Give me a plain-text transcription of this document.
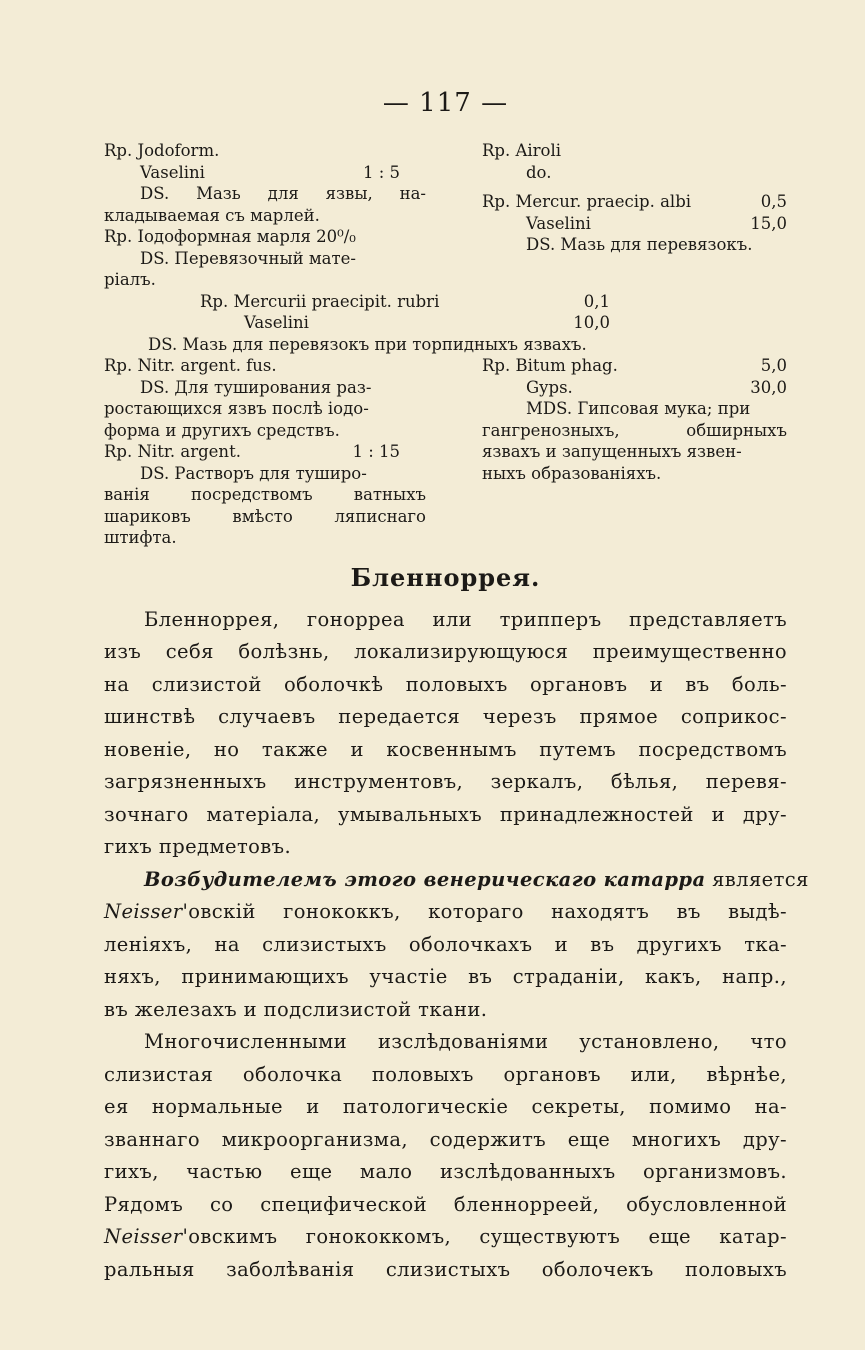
— 117 —
Rp. Jodoform.
Vaselini	1 : 5
DS. Мазь для язвы, на-
кладываемая съ марлей.
Rp. Іодоформная марля 20⁰/₀
DS. Перевязочный мате-
ріалъ.
Rp. Airoli
do.
Rp. Mercur. praecip. albi	0,5
Vaselini	15,0
DS. Мазь для перевязокъ.
Rp. Mercurii praecipit. rubri	0,1
Vaselini	10,0
DS. Мазь для перевязокъ при торпидныхъ язвахъ.
Rp. Nitr. argent. fus.
DS. Для туширования раз-
ростающихся язвъ послѣ іодо-
форма и другихъ средствъ.
Rp. Nitr. argent.	1 : 15
DS. Растворъ для туширо-
ванія посредствомъ ватныхъ
шариковъ вмѣсто ляписнаго
штифта.
Rp. Bitum phag.	5,0
Gyps.	30,0
MDS. Гипсовая мука; при
гангренозныхъ, обширныхъ
язвахъ и запущенныхъ язвен-
ныхъ образованіяхъ.
Бленноррея.

Бленноррея, гонорреа или трипперъ представляетъ
изъ себя болѣзнь, локализирующуюся преимущественно
на слизистой оболочкѣ половыхъ органовъ и въ боль-
шинствѣ случаевъ передается черезъ прямое соприкос-
новеніе, но также и косвеннымъ путемъ посредствомъ
загрязненныхъ инструментовъ, зеркалъ, бѣлья, перевя-
зочнаго матеріала, умывальныхъ принадлежностей и дру-
гихъ предметовъ.

Возбудителемъ этого венерическаго катарра является
Neisser'овскій гонококкъ, котораго находятъ въ выдѣ-
леніяхъ, на слизистыхъ оболочкахъ и въ другихъ тка-
няхъ, принимающихъ участіе въ страданіи, какъ, напр.,
въ железахъ и подслизистой ткани.

Многочисленными изслѣдованіями установлено, что
слизистая оболочка половыхъ органовъ или, вѣрнѣе,
ея нормальные и патологическіе секреты, помимо на-
званнаго микроорганизма, содержитъ еще многихъ дру-
гихъ, частью еще мало изслѣдованныхъ организмовъ.
Рядомъ со специфической бленнорреей, обусловленной
Neisser'овскимъ гонококкомъ, существуютъ еще катар-
ральныя заболѣванія слизистыхъ оболочекъ половыхъ
